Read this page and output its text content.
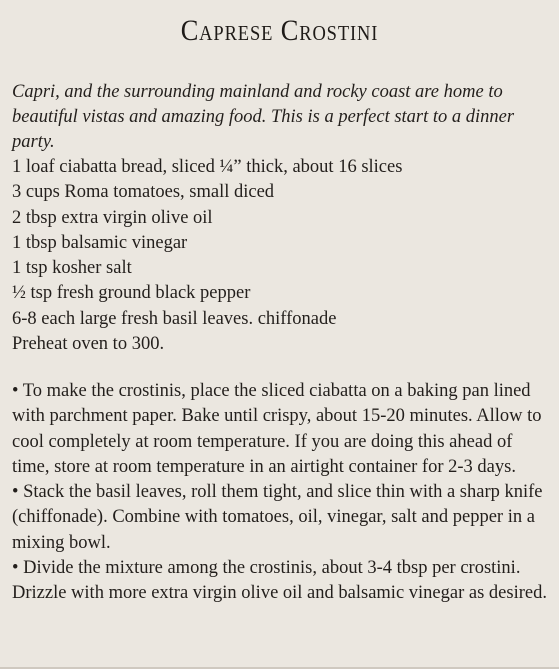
Caprese Crostini
Capri, and the surrounding mainland and rocky coast are home to beautiful vistas and amazing food. This is a perfect start to a dinner party.
1 loaf ciabatta bread, sliced ¼” thick, about 16 slices
3 cups Roma tomatoes, small diced
2 tbsp extra virgin olive oil
1 tbsp balsamic vinegar
1 tsp kosher salt
½ tsp fresh ground black pepper
6-8 each large fresh basil leaves. chiffonade
Preheat oven to 300.
• To make the crostinis, place the sliced ciabatta on a baking pan lined with parchment paper. Bake until crispy, about 15-20 minutes. Allow to cool completely at room temperature. If you are doing this ahead of time, store at room temperature in an airtight container for 2-3 days.
• Stack the basil leaves, roll them tight, and slice thin with a sharp knife (chiffonade). Combine with tomatoes, oil, vinegar, salt and pepper in a mixing bowl.
• Divide the mixture among the crostinis, about 3-4 tbsp per crostini. Drizzle with more extra virgin olive oil and balsamic vinegar as desired.
